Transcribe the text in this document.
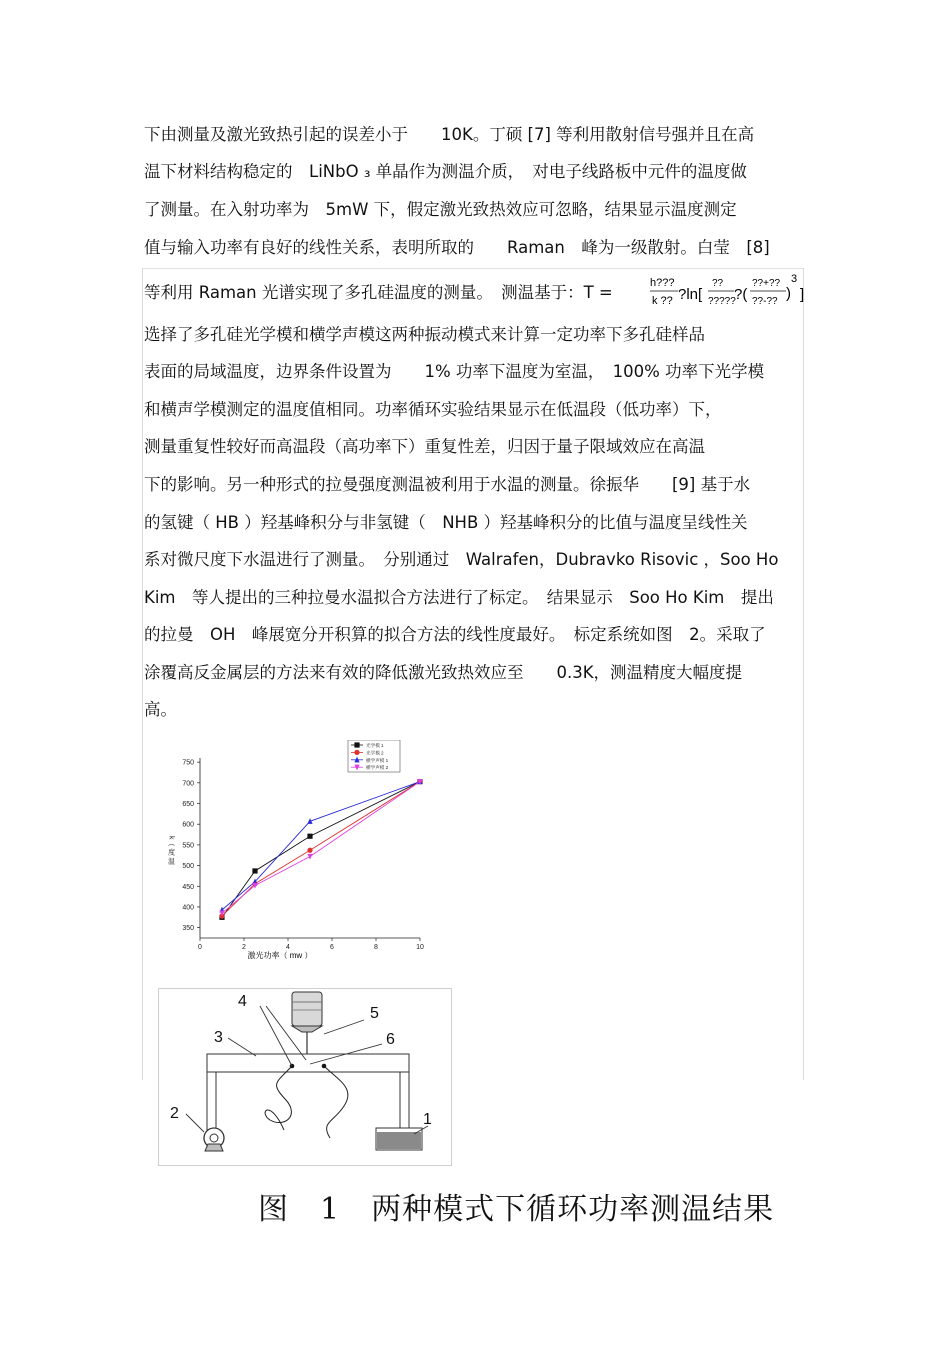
下由测量及激光致热引起的误差小于　　10K。丁硕 [7] 等利用散射信号强并且在高
温下材料结构稳定的　LiNbO ₃ 单晶作为测温介质，　对电子线路板中元件的温度做
了测量。在入射功率为　5mW 下，假定激光致热效应可忽略，结果显示温度测定
值与输入功率有良好的线性关系，表明所取的　　Raman　峰为一级散射。白莹　[8]
等利用 Raman 光谱实现了多孔硅温度的测量。　测温基于：T =
选择了多孔硅光学模和横学声模这两种振动模式来计算一定功率下多孔硅样品
表面的局域温度，边界条件设置为　　1% 功率下温度为室温，　100% 功率下光学模
和横声学模测定的温度值相同。功率循环实验结果显示在低温段（低功率）下，
测量重复性较好而高温段（高功率下）重复性差，归因于量子限域效应在高温
下的影响。另一种形式的拉曼强度测温被利用于水温的测量。徐振华　　[9] 基于水
的氢键（ HB ）羟基峰积分与非氢键（　NHB ）羟基峰积分的比值与温度呈线性关
系对微尺度下水温进行了测量。　分别通过　Walrafen，Dubravko Risovic ，Soo Ho
Kim　等人提出的三种拉曼水温拟合方法进行了标定。　结果显示　Soo Ho Kim　提出
的拉曼　OH　峰展宽分开积算的拟合方法的线性度最好。　标定系统如图　2。采取了
涂覆高反金属层的方法来有效的降低激光致热效应至　　0.3K，测温精度大幅度提
高。
h???
k ?? ?ln[
??
?????
?(
??+??
??-?? )
3
]
350
400
450
500
550
600
650
700
750
0	2	4	6	8	10
k（ 度 温
光学模 1
光学模 2
横学声模 1
横学声模 2
激光功率（ mw ）
1
2
3
4
5
6
图　1　两种模式下循环功率测温结果
